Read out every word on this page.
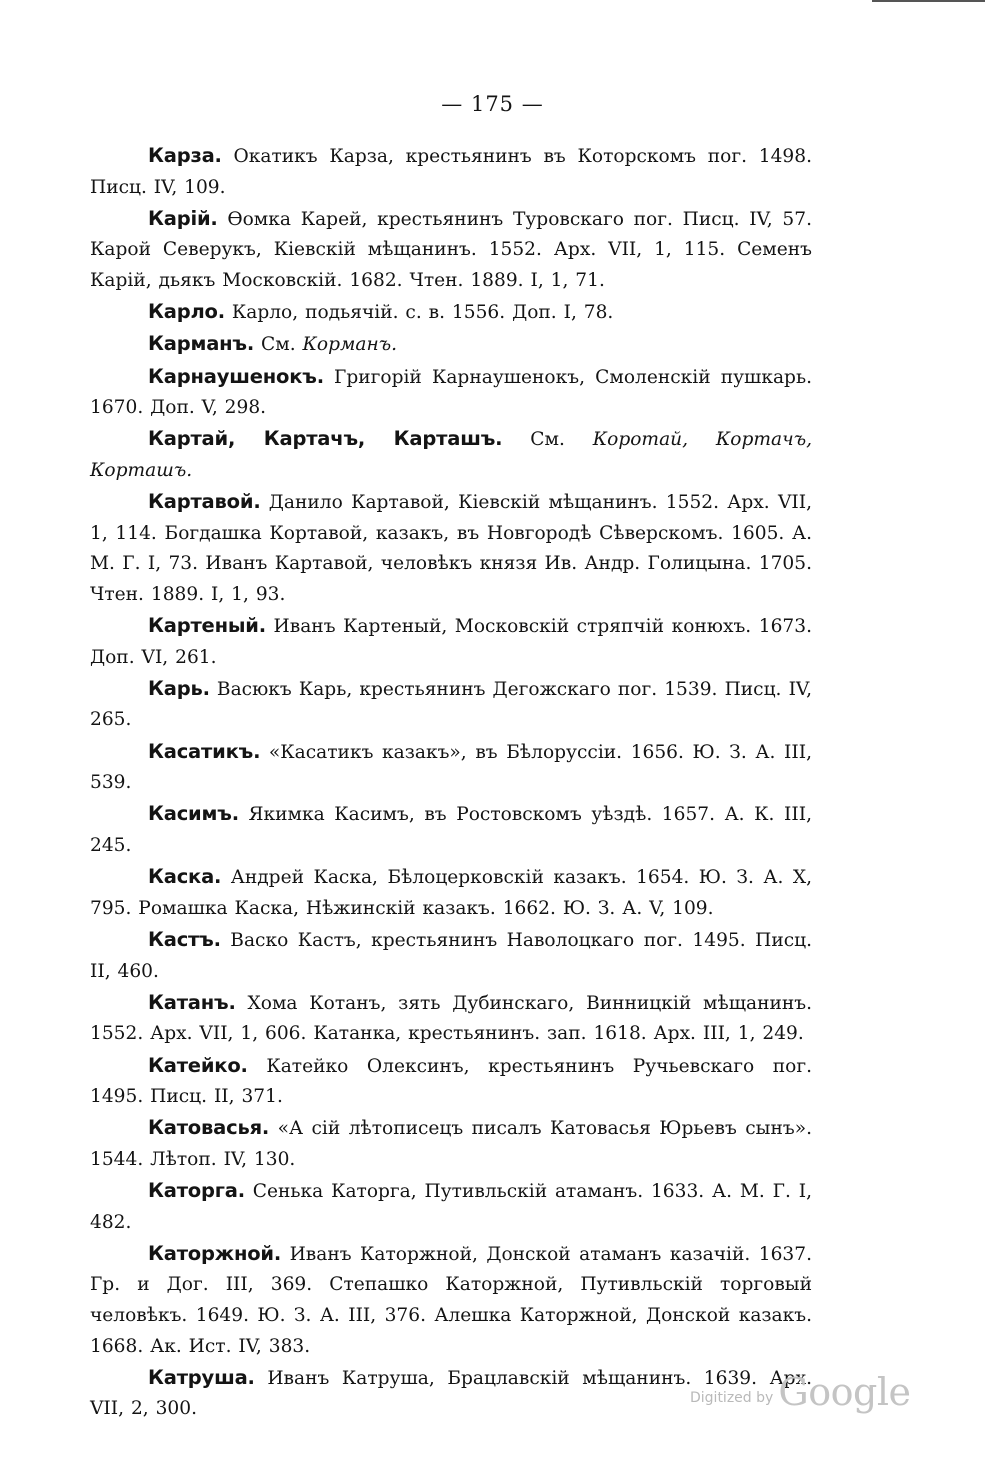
— 175 —

Карза. Окатикъ Карза, крестьянинъ въ Которскомъ пог. 1498. Писц. IV, 109.

Карій. Ѳомка Карей, крестьянинъ Туровскаго пог. Писц. IV, 57. Карой Северукъ, Кіевскій мѣщанинъ. 1552. Арх. VII, 1, 115. Семенъ Карій, дьякъ Московскій. 1682. Чтен. 1889. I, 1, 71.

Карло. Карло, подьячій. с. в. 1556. Доп. I, 78.

Карманъ. См. Корманъ.

Карнаушенокъ. Григорій Карнаушенокъ, Смоленскій пушкарь. 1670. Доп. V, 298.

Картай, Картачъ, Карташъ. См. Коротай, Кортачъ, Корташъ.

Картавой. Данило Картавой, Кіевскій мѣщанинъ. 1552. Арх. VII, 1, 114. Богдашка Кортавой, казакъ, въ Новгородѣ Сѣверскомъ. 1605. А. М. Г. I, 73. Иванъ Картавой, человѣкъ князя Ив. Андр. Голицына. 1705. Чтен. 1889. I, 1, 93.

Картеный. Иванъ Картеный, Московскій стряпчій конюхъ. 1673. Доп. VI, 261.

Карь. Васюкъ Карь, крестьянинъ Дегожскаго пог. 1539. Писц. IV, 265.

Касатикъ. «Касатикъ казакъ», въ Бѣлоруссіи. 1656. Ю. З. А. III, 539.

Касимъ. Якимка Касимъ, въ Ростовскомъ уѣздѣ. 1657. А. К. III, 245.

Каска. Андрей Каска, Бѣлоцерковскій казакъ. 1654. Ю. З. А. X, 795. Ромашка Каска, Нѣжинскій казакъ. 1662. Ю. З. А. V, 109.

Кастъ. Васко Кастъ, крестьянинъ Наволоцкаго пог. 1495. Писц. II, 460.

Катанъ. Хома Котанъ, зять Дубинскаго, Винницкій мѣщанинъ. 1552. Арх. VII, 1, 606. Катанка, крестьянинъ. зап. 1618. Арх. III, 1, 249.

Катейко. Катейко Олексинъ, крестьянинъ Ручьевскаго пог. 1495. Писц. II, 371.

Катовасья. «А сій лѣтописецъ писалъ Катовасья Юрьевъ сынъ». 1544. Лѣтоп. IV, 130.

Каторга. Сенька Каторга, Путивльскій атаманъ. 1633. А. М. Г. I, 482.

Каторжной. Иванъ Каторжной, Донской атаманъ казачій. 1637. Гр. и Дог. III, 369. Степашко Каторжной, Путивльскій торговый человѣкъ. 1649. Ю. З. А. III, 376. Алешка Каторжной, Донской казакъ. 1668. Ак. Ист. IV, 383.

Катруша. Иванъ Катруша, Брацлавскій мѣщанинъ. 1639. Арх. VII, 2, 300.

Digitized by Google
